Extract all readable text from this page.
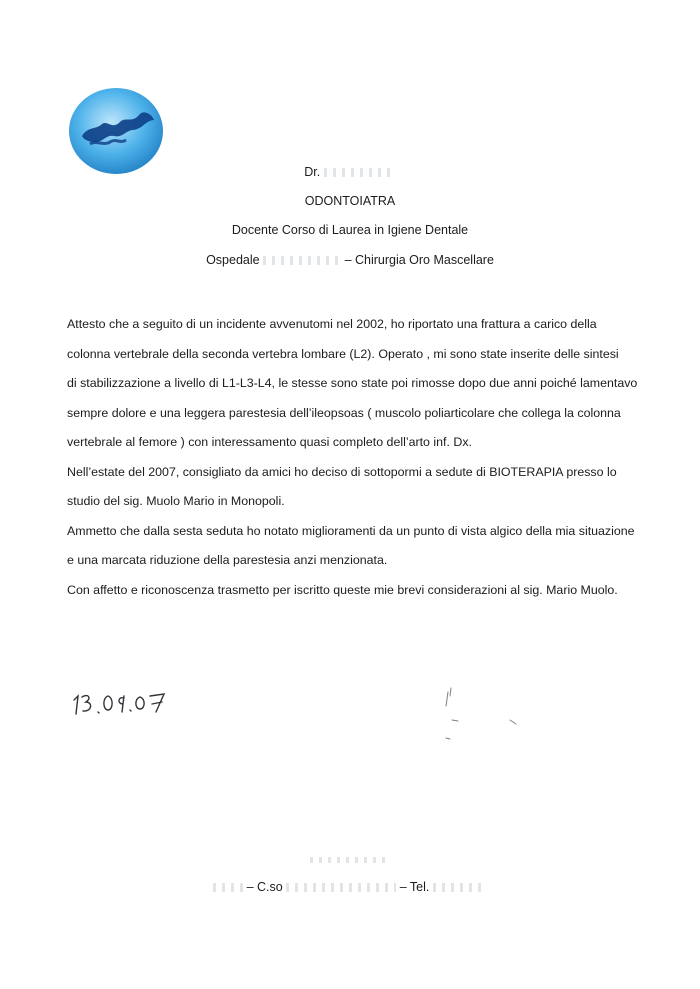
Dr.
ODONTOIATRA
Docente Corso di Laurea in Igiene Dentale
Ospedale	– Chirurgia Oro Mascellare

Attesto che a seguito di un incidente avvenutomi nel 2002, ho riportato una frattura a carico della

colonna vertebrale della seconda vertebra lombare (L2). Operato , mi sono state inserite delle sintesi

di stabilizzazione a livello di L1-L3-L4, le stesse sono state poi rimosse dopo due anni poiché lamentavo

sempre dolore e una leggera parestesia dell’ileopsoas ( muscolo poliarticolare che collega la colonna

vertebrale al femore ) con interessamento quasi completo dell’arto inf. Dx.

Nell’estate del 2007, consigliato da amici ho deciso di sottopormi a sedute di BIOTERAPIA presso lo

studio del sig. Muolo Mario in Monopoli.

Ammetto che dalla sesta seduta ho notato miglioramenti da un punto di vista algico della mia situazione

e una marcata riduzione della parestesia anzi menzionata.

Con affetto e riconoscenza trasmetto per iscritto queste mie brevi considerazioni al sig. Mario Muolo.

– C.so	– Tel.
